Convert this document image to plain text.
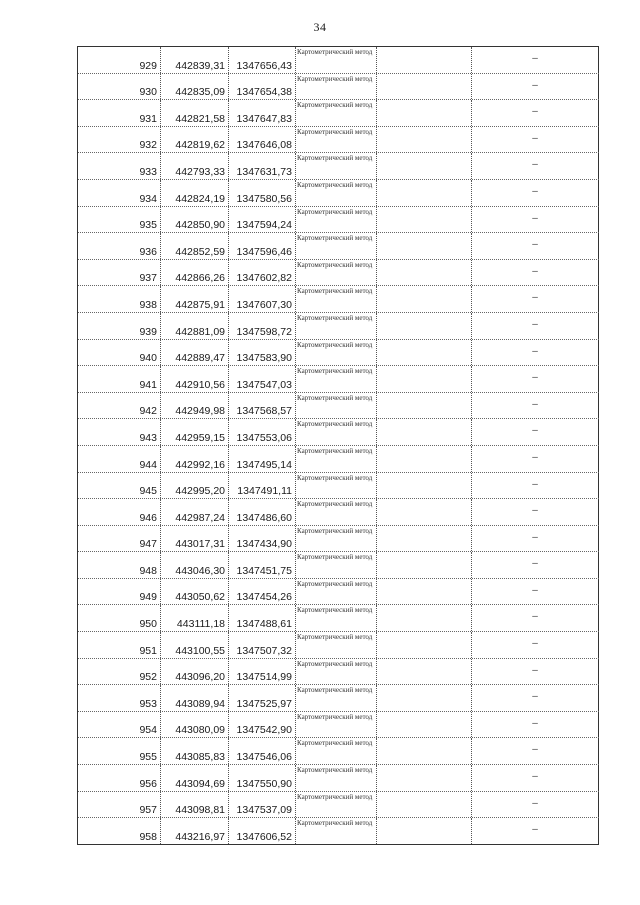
34
929 442839,31 1347656,43
Картометрический метод
–
930 442835,09 1347654,38
Картометрический метод
–
931 442821,58 1347647,83
Картометрический метод
–
932 442819,62 1347646,08
Картометрический метод
–
933 442793,33 1347631,73
Картометрический метод
–
934 442824,19 1347580,56
Картометрический метод
–
935 442850,90 1347594,24
Картометрический метод
–
936 442852,59 1347596,46
Картометрический метод
–
937 442866,26 1347602,82
Картометрический метод
–
938 442875,91 1347607,30
Картометрический метод
–
939 442881,09 1347598,72
Картометрический метод
–
940 442889,47 1347583,90
Картометрический метод
–
941 442910,56 1347547,03
Картометрический метод
–
942 442949,98 1347568,57
Картометрический метод
–
943 442959,15 1347553,06
Картометрический метод
–
944 442992,16 1347495,14
Картометрический метод
–
945 442995,20 1347491,11
Картометрический метод
–
946 442987,24 1347486,60
Картометрический метод
–
947 443017,31 1347434,90
Картометрический метод
–
948 443046,30 1347451,75
Картометрический метод
–
949 443050,62 1347454,26
Картометрический метод
–
950 443111,18 1347488,61
Картометрический метод
–
951 443100,55 1347507,32
Картометрический метод
–
952 443096,20 1347514,99
Картометрический метод
–
953 443089,94 1347525,97
Картометрический метод
–
954 443080,09 1347542,90
Картометрический метод
–
955 443085,83 1347546,06
Картометрический метод
–
956 443094,69 1347550,90
Картометрический метод
–
957 443098,81 1347537,09
Картометрический метод
–
958 443216,97 1347606,52
Картометрический метод
–
